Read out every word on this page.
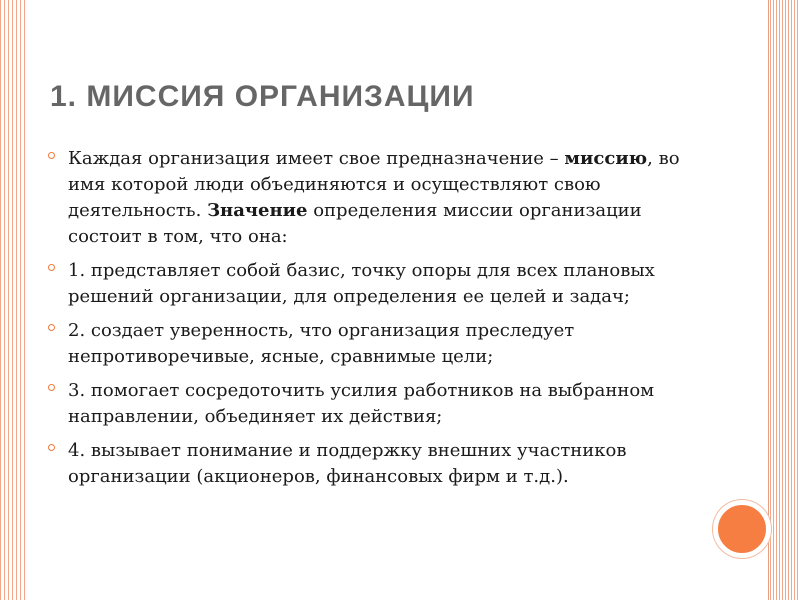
1. МИССИЯ ОРГАНИЗАЦИИ

Каждая организация имеет свое предназначение – миссию, во имя которой люди объединяются и осуществляют свою деятельность. Значение определения миссии организации состоит в том, что она:

1. представляет собой базис, точку опоры для всех плановых решений организации, для определения ее целей и задач;

2. создает уверенность, что организация преследует непротиворечивые, ясные, сравнимые цели;

3. помогает сосредоточить усилия работников на выбранном направлении, объединяет их действия;

4. вызывает понимание и поддержку внешних участников организации (акционеров, финансовых фирм и т.д.).
